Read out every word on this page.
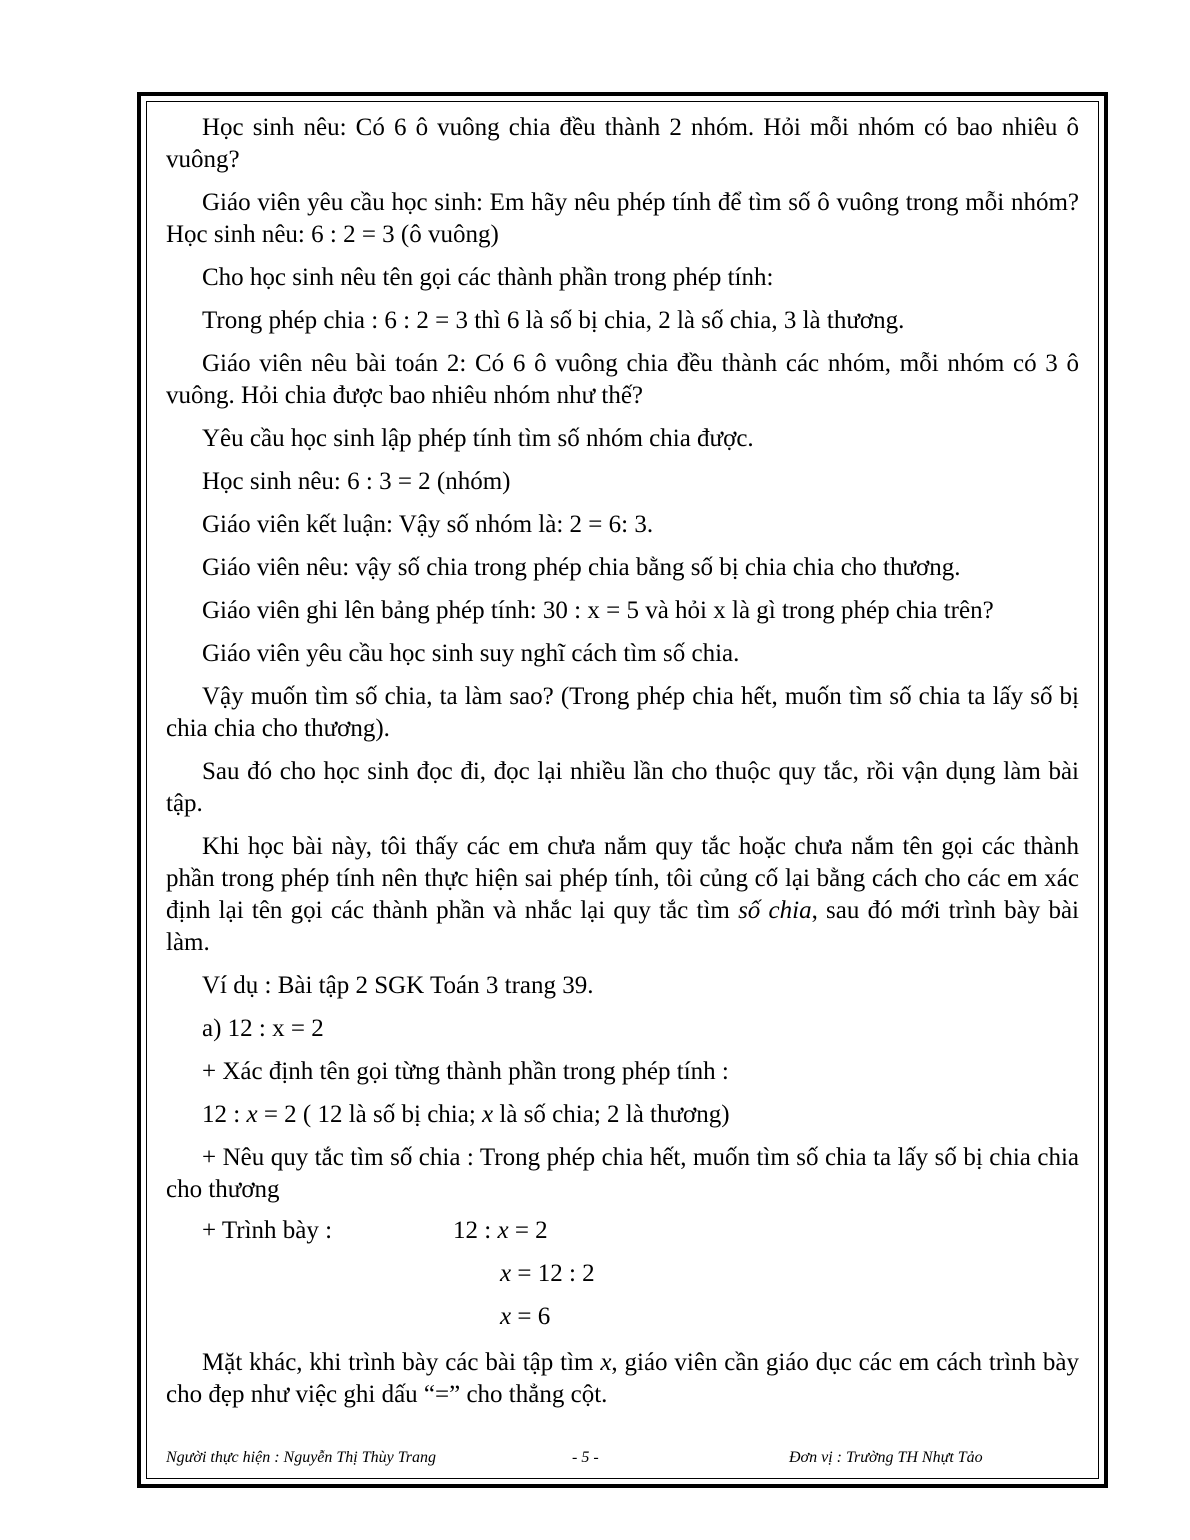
Học sinh nêu: Có 6 ô vuông chia đều thành 2 nhóm. Hỏi mỗi nhóm có bao nhiêu ô vuông?

Giáo viên yêu cầu học sinh: Em hãy nêu phép tính để tìm số ô vuông trong mỗi nhóm? Học sinh nêu: 6 : 2 = 3 (ô vuông)

Cho học sinh nêu tên gọi các thành phần trong phép tính:

Trong phép chia : 6 : 2 = 3 thì 6 là số bị chia, 2 là số chia, 3 là thương.

Giáo viên nêu bài toán 2: Có 6 ô vuông chia đều thành các nhóm, mỗi nhóm có 3 ô vuông. Hỏi chia được bao nhiêu nhóm như thế?

Yêu cầu học sinh lập phép tính tìm số nhóm chia được.

Học sinh nêu: 6 : 3 = 2 (nhóm)

Giáo viên kết luận: Vậy số nhóm là: 2 = 6: 3.

Giáo viên nêu: vậy số chia trong phép chia bằng số bị chia chia cho thương.

Giáo viên ghi lên bảng phép tính: 30 : x = 5 và hỏi x là gì trong phép chia trên?

Giáo viên yêu cầu học sinh suy nghĩ cách tìm số chia.

Vậy muốn tìm số chia, ta làm sao? (Trong phép chia hết, muốn tìm số chia ta lấy số bị chia chia cho thương).

Sau đó cho học sinh đọc đi, đọc lại nhiều lần cho thuộc quy tắc, rồi vận dụng làm bài tập.

Khi học bài này, tôi thấy các em chưa nắm quy tắc hoặc chưa nắm tên gọi các thành phần trong phép tính nên thực hiện sai phép tính, tôi củng cố lại bằng cách cho các em xác định lại tên gọi các thành phần và nhắc lại quy tắc tìm số chia, sau đó mới trình bày bài làm.

Ví dụ : Bài tập 2 SGK Toán 3 trang 39.

a) 12 : x = 2

+ Xác định tên gọi từng thành phần trong phép tính :

12 : x = 2 ( 12 là số bị chia; x là số chia; 2 là thương)

+ Nêu quy tắc tìm số chia : Trong phép chia hết, muốn tìm số chia ta lấy số bị chia chia cho thương

+ Trình bày :	12 : x = 2
x = 12 : 2
x = 6

Mặt khác, khi trình bày các bài tập tìm x, giáo viên cần giáo dục các em cách trình bày cho đẹp như việc ghi dấu “=” cho thẳng cột.

Người thực hiện : Nguyễn Thị Thùy Trang	- 5 -	Đơn vị : Trường TH Nhựt Tảo
